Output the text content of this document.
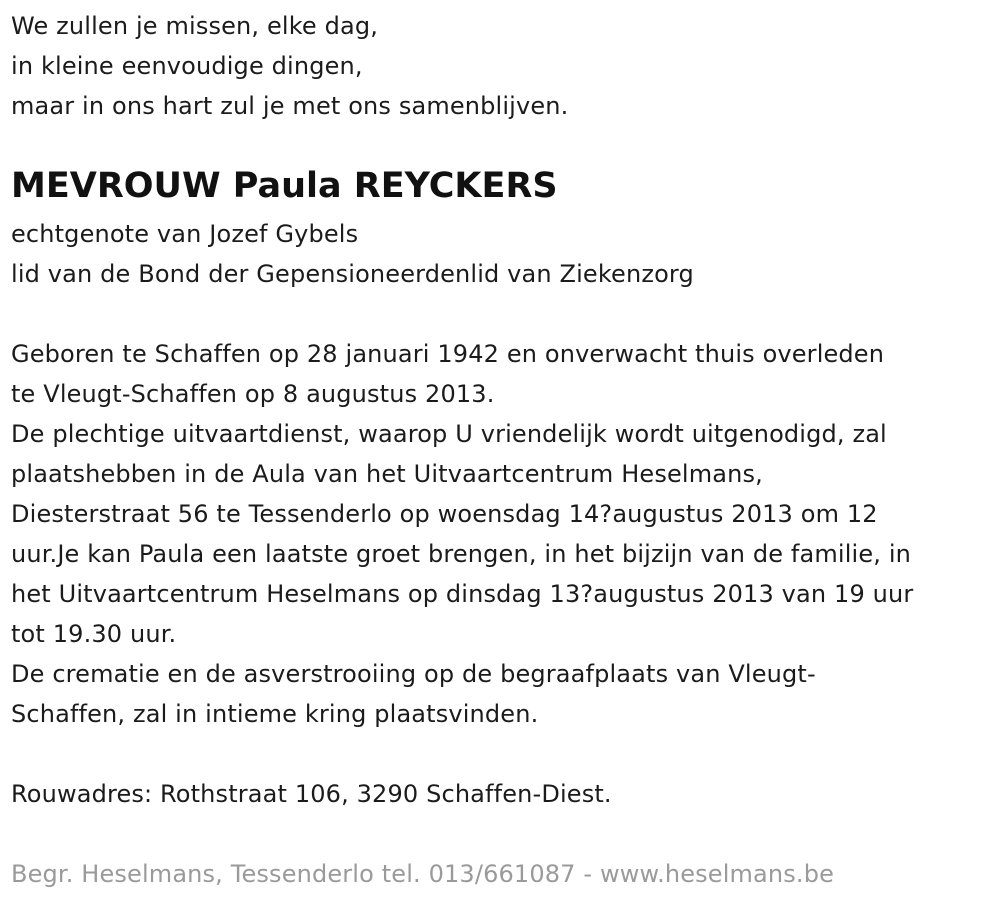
We zullen je missen, elke dag,
in kleine eenvoudige dingen,
maar in ons hart zul je met ons samenblijven.
MEVROUW Paula REYCKERS
echtgenote van Jozef Gybels
lid van de Bond der Gepensioneerdenlid van Ziekenzorg
Geboren te Schaffen op 28 januari 1942 en onverwacht thuis overleden
te Vleugt-Schaffen op 8 augustus 2013.
De plechtige uitvaartdienst, waarop U vriendelijk wordt uitgenodigd, zal
plaatshebben in de Aula van het Uitvaartcentrum Heselmans,
Diesterstraat 56 te Tessenderlo op woensdag 14?augustus 2013 om 12
uur.Je kan Paula een laatste groet brengen, in het bijzijn van de familie, in
het Uitvaartcentrum Heselmans op dinsdag 13?augustus 2013 van 19 uur
tot 19.30 uur.
De crematie en de asverstrooiing op de begraafplaats van Vleugt-
Schaffen, zal in intieme kring plaatsvinden.
Rouwadres: Rothstraat 106, 3290 Schaffen-Diest.
Begr. Heselmans, Tessenderlo tel. 013/661087 - www.heselmans.be
